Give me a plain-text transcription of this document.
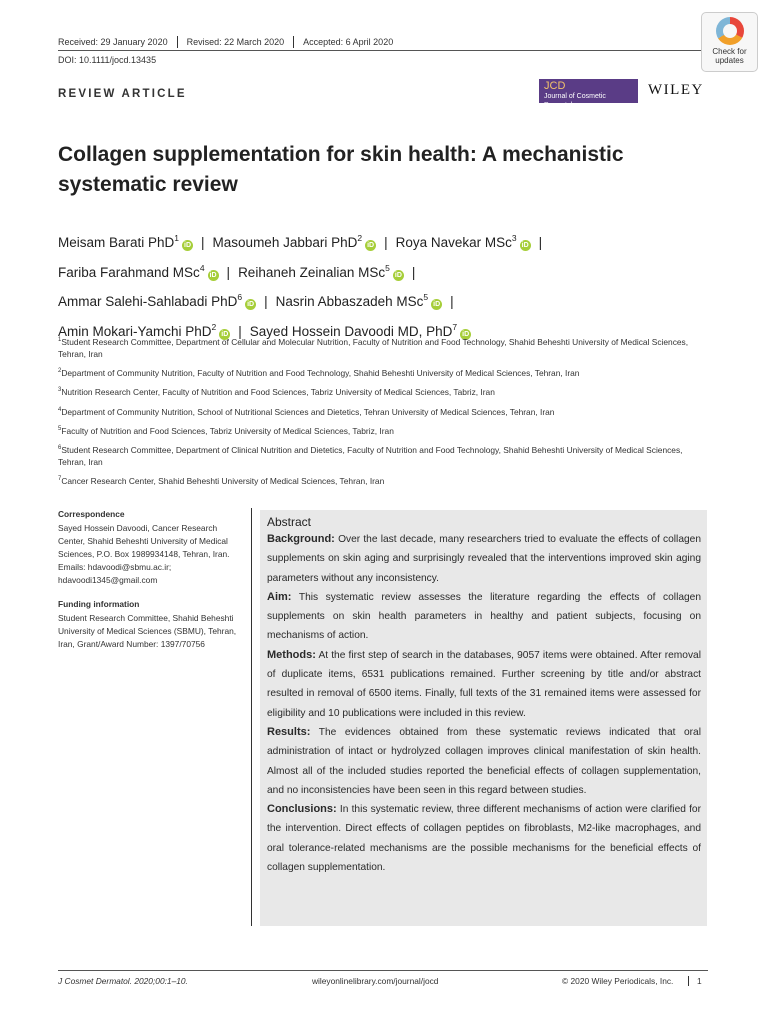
Received: 29 January 2020	Revised: 22 March 2020	Accepted: 6 April 2020
DOI: 10.1111/jocd.13435
Check for updates
REVIEW ARTICLE
JCD
Journal of Cosmetic Dermatology
WILEY
Collagen supplementation for skin health: A mechanistic systematic review
Meisam Barati PhD$^1$iD | Masoumeh Jabbari PhD$^2$iD | Roya Navekar MSc$^3$iD |
Fariba Farahmand MSc$^4$iD | Reihaneh Zeinalian MSc$^5$iD |
Ammar Salehi-Sahlabadi PhD$^6$iD | Nasrin Abbaszadeh MSc$^5$iD |
Amin Mokari-Yamchi PhD$^2$iD | Sayed Hossein Davoodi MD, PhD$^7$iD
$^1$Student Research Committee, Department of Cellular and Molecular Nutrition, Faculty of Nutrition and Food Technology, Shahid Beheshti University of Medical Sciences, Tehran, Iran
$^2$Department of Community Nutrition, Faculty of Nutrition and Food Technology, Shahid Beheshti University of Medical Sciences, Tehran, Iran
$^3$Nutrition Research Center, Faculty of Nutrition and Food Sciences, Tabriz University of Medical Sciences, Tabriz, Iran
$^4$Department of Community Nutrition, School of Nutritional Sciences and Dietetics, Tehran University of Medical Sciences, Tehran, Iran
$^5$Faculty of Nutrition and Food Sciences, Tabriz University of Medical Sciences, Tabriz, Iran
$^6$Student Research Committee, Department of Clinical Nutrition and Dietetics, Faculty of Nutrition and Food Technology, Shahid Beheshti University of Medical Sciences, Tehran, Iran
$^7$Cancer Research Center, Shahid Beheshti University of Medical Sciences, Tehran, Iran
Correspondence
Sayed Hossein Davoodi, Cancer Research Center, Shahid Beheshti University of Medical Sciences, P.O. Box 1989934148, Tehran, Iran.
Emails: hdavoodi@sbmu.ac.ir;
hdavoodi1345@gmail.com
Funding information
Student Research Committee, Shahid Beheshti University of Medical Sciences (SBMU), Tehran, Iran, Grant/Award Number: 1397/70756
Abstract

Background: Over the last decade, many researchers tried to evaluate the effects of collagen supplements on skin aging and surprisingly revealed that the interventions improved skin aging parameters without any inconsistency.

Aim: This systematic review assesses the literature regarding the effects of collagen supplements on skin health parameters in healthy and patient subjects, focusing on mechanisms of action.

Methods: At the first step of search in the databases, 9057 items were obtained. After removal of duplicate items, 6531 publications remained. Further screening by title and/or abstract resulted in removal of 6500 items. Finally, full texts of the 31 remained items were assessed for eligibility and 10 publications were included in this review.

Results: The evidences obtained from these systematic reviews indicated that oral administration of intact or hydrolyzed collagen improves clinical manifestation of skin health. Almost all of the included studies reported the beneficial effects of collagen supplementation, and no inconsistencies have been seen in this regard between studies.

Conclusions: In this systematic review, three different mechanisms of action were clarified for the intervention. Direct effects of collagen peptides on fibroblasts, M2-like macrophages, and oral tolerance-related mechanisms are the possible mechanisms for the beneficial effects of collagen supplementation.

J Cosmet Dermatol. 2020;00:1–10.	wileyonlinelibrary.com/journal/jocd	© 2020 Wiley Periodicals, Inc.	1
